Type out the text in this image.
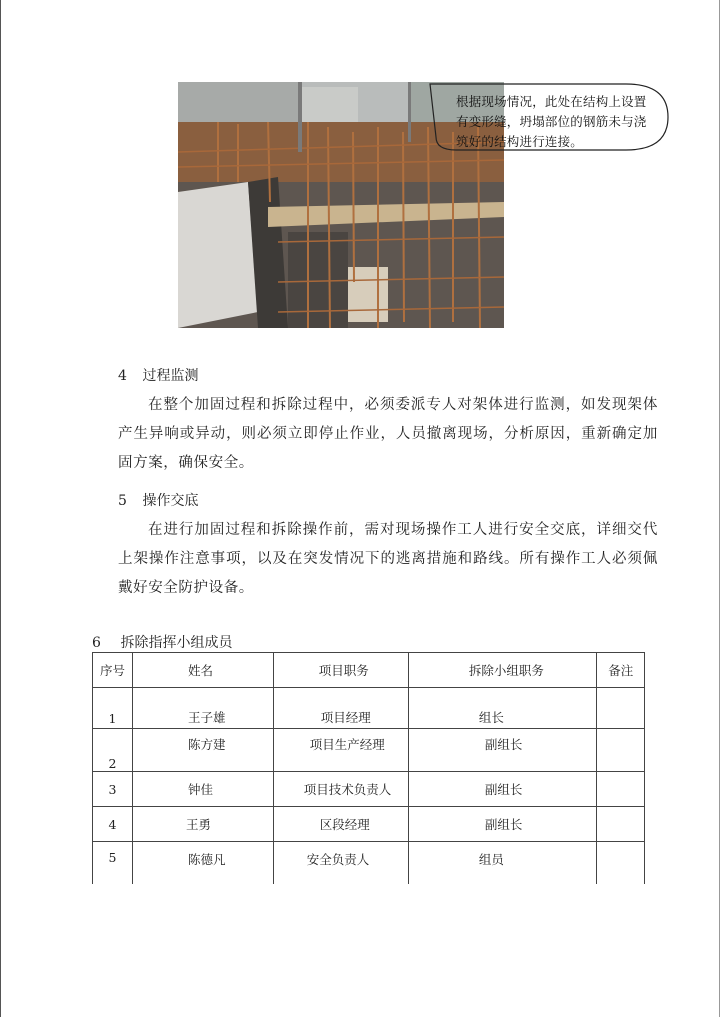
根据现场情况，此处在结构上设置有变形缝，坍塌部位的钢筋未与浇筑好的结构进行连接。
4 过程监测
在整个加固过程和拆除过程中，必须委派专人对架体进行监测，如发现架体 产生异响或异动，则必须立即停止作业，人员撤离现场，分析原因，重新确定加 固方案，确保安全。
5 操作交底
在进行加固过程和拆除操作前，需对现场操作工人进行安全交底，详细交代 上架操作注意事项，以及在突发情况下的逃离措施和路线。所有操作工人必须佩 戴好安全防护设备。
6 拆除指挥小组成员
序号	姓名	项目职务	拆除小组职务	备注
1	王子雄	项目经理	组长	
2	陈方建	项目生产经理	副组长	
3	钟佳	项目技术负责人	副组长	
4	王勇	区段经理	副组长	
5	陈德凡	安全负责人	组员	
